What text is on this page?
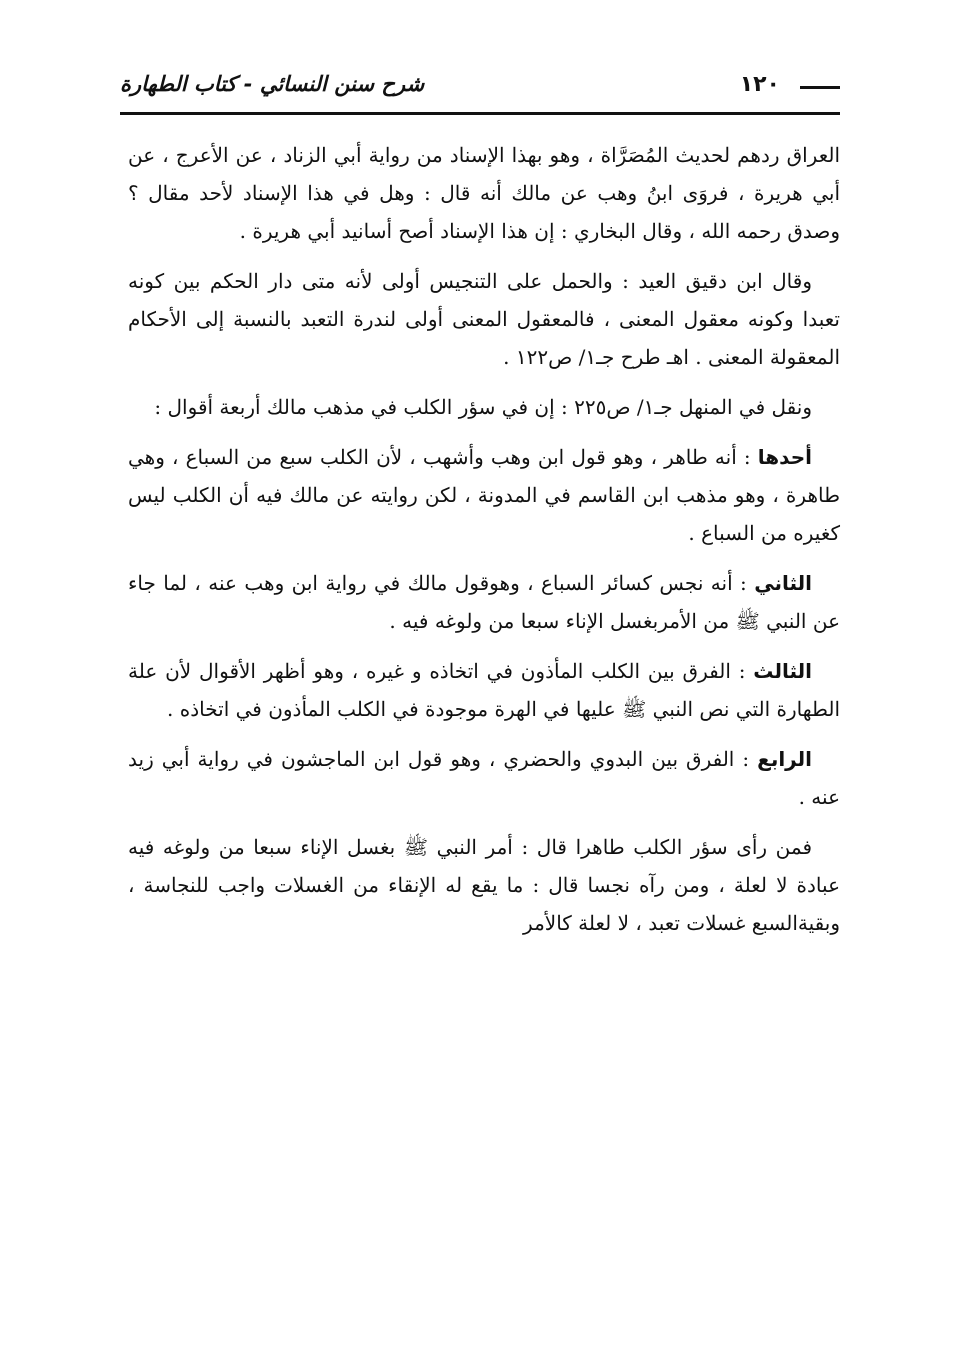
شرح سنن النسائي - كتاب الطهارة	١٢٠

العراق ردهم لحديث المُصَرَّاة ، وهو بهذا الإسناد من رواية أبي الزناد ، عن الأعرج ، عن أبي هريرة ، فروَى ابنُ وهب عن مالك أنه قال : وهل في هذا الإسناد لأحد مقال ؟ وصدق رحمه الله ، وقال البخاري : إن هذا الإسناد أصح أسانيد أبي هريرة .

وقال ابن دقيق العيد : والحمل على التنجيس أولى لأنه متى دار الحكم بين كونه تعبدا وكونه معقول المعنى ، فالمعقول المعنى أولى لندرة التعبد بالنسبة إلى الأحكام المعقولة المعنى . اهـ طرح جـ١/ ص١٢٢ .

ونقل في المنهل جـ١/ ص٢٢٥ : إن في سؤر الكلب في مذهب مالك أربعة أقوال :

أحدها : أنه طاهر ، وهو قول ابن وهب وأشهب ، لأن الكلب سبع من السباع ، وهي طاهرة ، وهو مذهب ابن القاسم في المدونة ، لكن روايته عن مالك فيه أن الكلب ليس كغيره من السباع .

الثاني : أنه نجس كسائر السباع ، وهوقول مالك في رواية ابن وهب عنه ، لما جاء عن النبي ﷺ من الأمربغسل الإناء سبعا من ولوغه فيه .

الثالث : الفرق بين الكلب المأذون في اتخاذه و غيره ، وهو أظهر الأقوال لأن علة الطهارة التي نص النبي ﷺ عليها في الهرة موجودة في الكلب المأذون في اتخاذه .

الرابع : الفرق بين البدوي والحضري ، وهو قول ابن الماجشون في رواية أبي زيد عنه .

فمن رأى سؤر الكلب طاهرا قال : أمر النبي ﷺ بغسل الإناء سبعا من ولوغه فيه عبادة لا لعلة ، ومن رآه نجسا قال : ما يقع له الإنقاء من الغسلات واجب للنجاسة ، وبقيةالسبع غسلات تعبد ، لا لعلة كالأمر
